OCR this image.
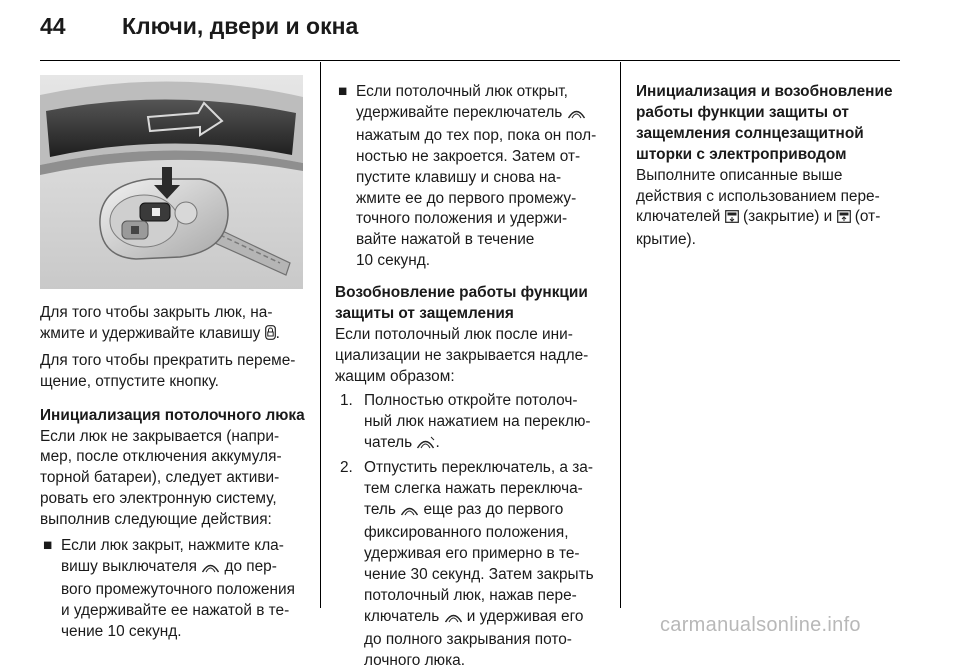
44	Ключи, двери и окна

Для того чтобы закрыть люк, на-
жмите и удерживайте клавишу .

Для того чтобы прекратить переме-
щение, отпустите кнопку.

Инициализация потолочного люка

Если люк не закрывается (напри-
мер, после отключения аккумуля-
торной батареи), следует активи-
ровать его электронную систему,
выполнив следующие действия:

■ Если люк закрыт, нажмите кла-
вишу выключателя  до пер-
вого промежуточного положения
и удерживайте ее нажатой в те-
чение 10 секунд.

■ Если потолочный люк открыт,
удерживайте переключатель
нажатым до тех пор, пока он пол-
ностью не закроется. Затем от-
пустите клавишу и снова на-
жмите ее до первого промежу-
точного положения и удержи-
вайте нажатой в течение
10 секунд.

Возобновление работы функции
защиты от защемления

Если потолочный люк после ини-
циализации не закрывается надле-
жащим образом:

1. Полностью откройте потолоч-
ный люк нажатием на переклю-
чатель .

2. Отпустить переключатель, а за-
тем слегка нажать переключа-
тель  еще раз до первого
фиксированного положения,
удерживая его примерно в те-
чение 30 секунд. Затем закрыть
потолочный люк, нажав пере-
ключатель  и удерживая его
до полного закрывания пото-
лочного люка.

Инициализация и возобновление
работы функции защиты от
защемления солнцезащитной
шторки с электроприводом

Выполните описанные выше
действия с использованием пере-
ключателей  (закрытие) и  (от-
крытие).

carmanualsonline.info
